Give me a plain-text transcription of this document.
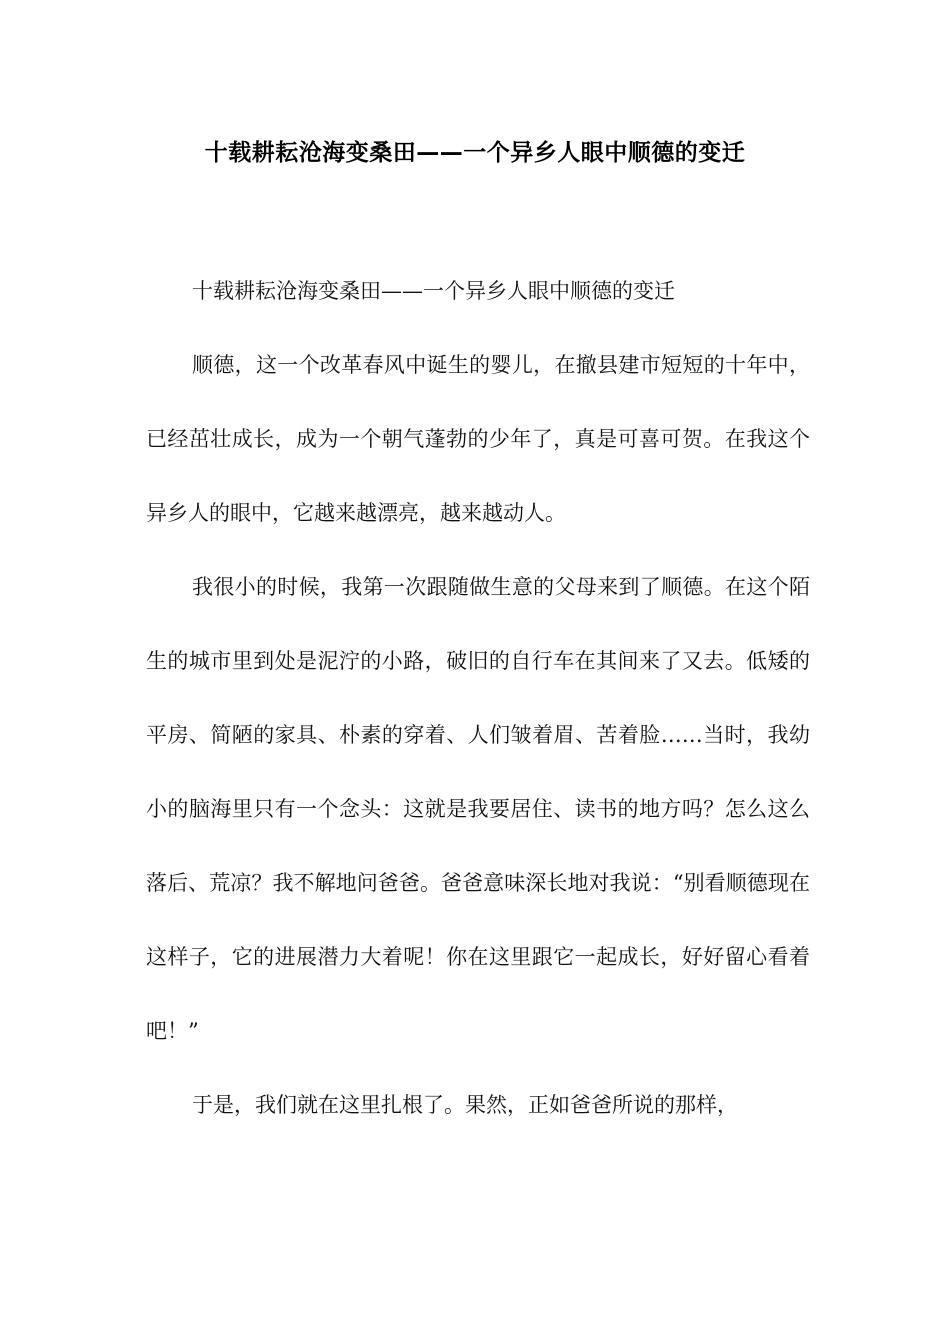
十载耕耘沧海变桑田——一个异乡人眼中顺德的变迁

十载耕耘沧海变桑田——一个异乡人眼中顺德的变迁

顺德，这一个改革春风中诞生的婴儿，在撤县建市短短的十年中，已经茁壮成长，成为一个朝气蓬勃的少年了，真是可喜可贺。在我这个异乡人的眼中，它越来越漂亮，越来越动人。

我很小的时候，我第一次跟随做生意的父母来到了顺德。在这个陌生的城市里到处是泥泞的小路，破旧的自行车在其间来了又去。低矮的平房、简陋的家具、朴素的穿着、人们皱着眉、苦着脸……当时，我幼小的脑海里只有一个念头：这就是我要居住、读书的地方吗？怎么这么落后、荒凉？我不解地问爸爸。爸爸意味深长地对我说：“别看顺德现在这样子，它的进展潜力大着呢！你在这里跟它一起成长，好好留心看着吧！”

于是，我们就在这里扎根了。果然，正如爸爸所说的那样，
